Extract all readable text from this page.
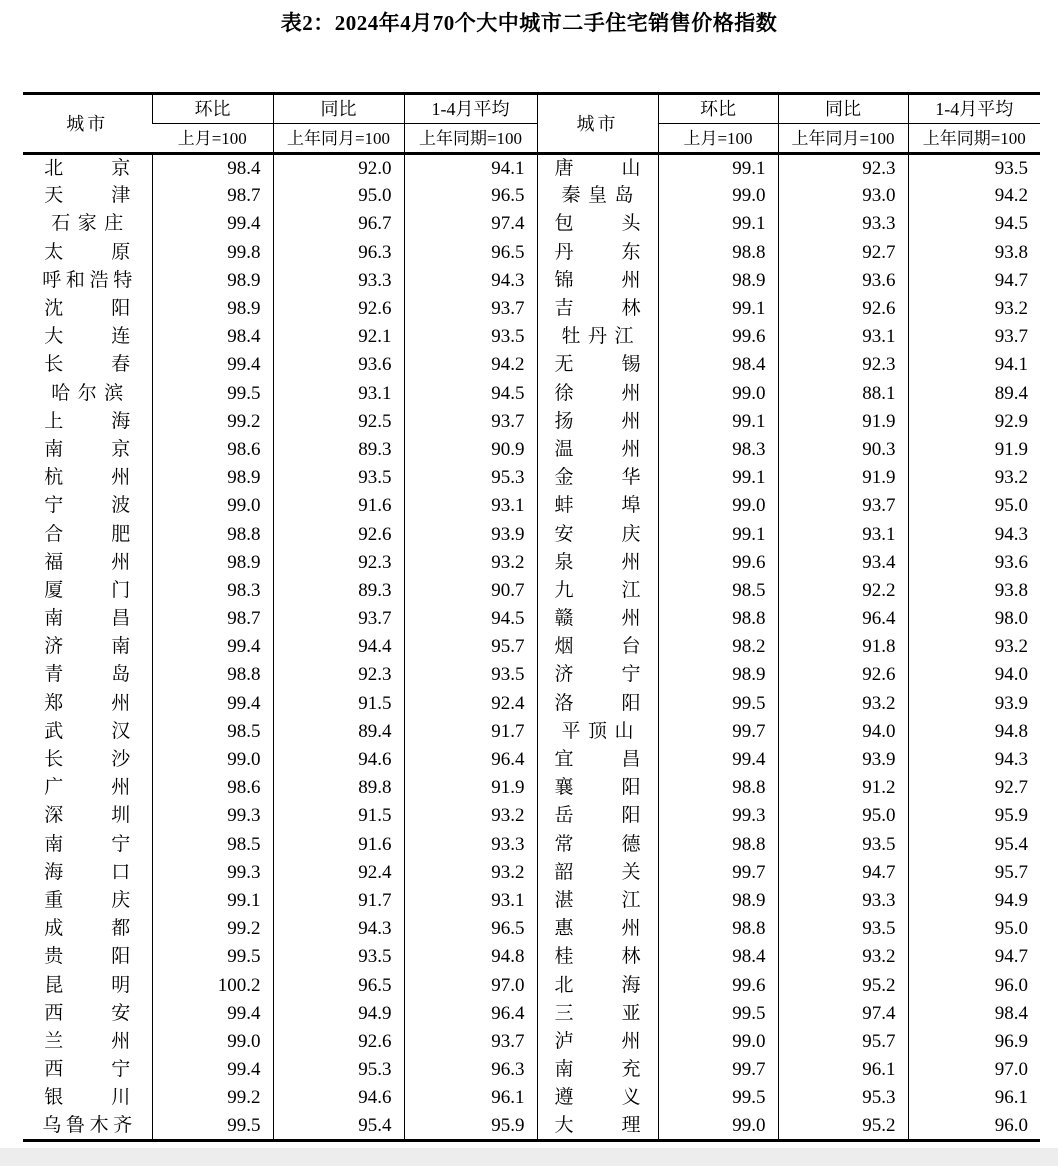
表2：2024年4月70个大中城市二手住宅销售价格指数
城市	环比	同比	1-4月平均	城市	环比	同比	1-4月平均
	上月=100	上年同月=100	上年同期=100		上月=100	上年同月=100	上年同期=100

北 京	98.4	92.0	94.1	唐 山	99.1	92.3	93.5

天 津	98.7	95.0	96.5	秦 皇 岛	99.0	93.0	94.2

石 家 庄	99.4	96.7	97.4	包 头	99.1	93.3	94.5

太 原	99.8	96.3	96.5	丹 东	98.8	92.7	93.8

呼 和 浩 特	98.9	93.3	94.3	锦 州	98.9	93.6	94.7

沈 阳	98.9	92.6	93.7	吉 林	99.1	92.6	93.2

大 连	98.4	92.1	93.5	牡 丹 江	99.6	93.1	93.7

长 春	99.4	93.6	94.2	无 锡	98.4	92.3	94.1

哈 尔 滨	99.5	93.1	94.5	徐 州	99.0	88.1	89.4

上 海	99.2	92.5	93.7	扬 州	99.1	91.9	92.9

南 京	98.6	89.3	90.9	温 州	98.3	90.3	91.9

杭 州	98.9	93.5	95.3	金 华	99.1	91.9	93.2

宁 波	99.0	91.6	93.1	蚌 埠	99.0	93.7	95.0

合 肥	98.8	92.6	93.9	安 庆	99.1	93.1	94.3

福 州	98.9	92.3	93.2	泉 州	99.6	93.4	93.6

厦 门	98.3	89.3	90.7	九 江	98.5	92.2	93.8

南 昌	98.7	93.7	94.5	赣 州	98.8	96.4	98.0

济 南	99.4	94.4	95.7	烟 台	98.2	91.8	93.2

青 岛	98.8	92.3	93.5	济 宁	98.9	92.6	94.0

郑 州	99.4	91.5	92.4	洛 阳	99.5	93.2	93.9

武 汉	98.5	89.4	91.7	平 顶 山	99.7	94.0	94.8

长 沙	99.0	94.6	96.4	宜 昌	99.4	93.9	94.3

广 州	98.6	89.8	91.9	襄 阳	98.8	91.2	92.7

深 圳	99.3	91.5	93.2	岳 阳	99.3	95.0	95.9

南 宁	98.5	91.6	93.3	常 德	98.8	93.5	95.4

海 口	99.3	92.4	93.2	韶 关	99.7	94.7	95.7

重 庆	99.1	91.7	93.1	湛 江	98.9	93.3	94.9

成 都	99.2	94.3	96.5	惠 州	98.8	93.5	95.0

贵 阳	99.5	93.5	94.8	桂 林	98.4	93.2	94.7

昆 明	100.2	96.5	97.0	北 海	99.6	95.2	96.0

西 安	99.4	94.9	96.4	三 亚	99.5	97.4	98.4

兰 州	99.0	92.6	93.7	泸 州	99.0	95.7	96.9

西 宁	99.4	95.3	96.3	南 充	99.7	96.1	97.0

银 川	99.2	94.6	96.1	遵 义	99.5	95.3	96.1

乌 鲁 木 齐	99.5	95.4	95.9	大 理	99.0	95.2	96.0
